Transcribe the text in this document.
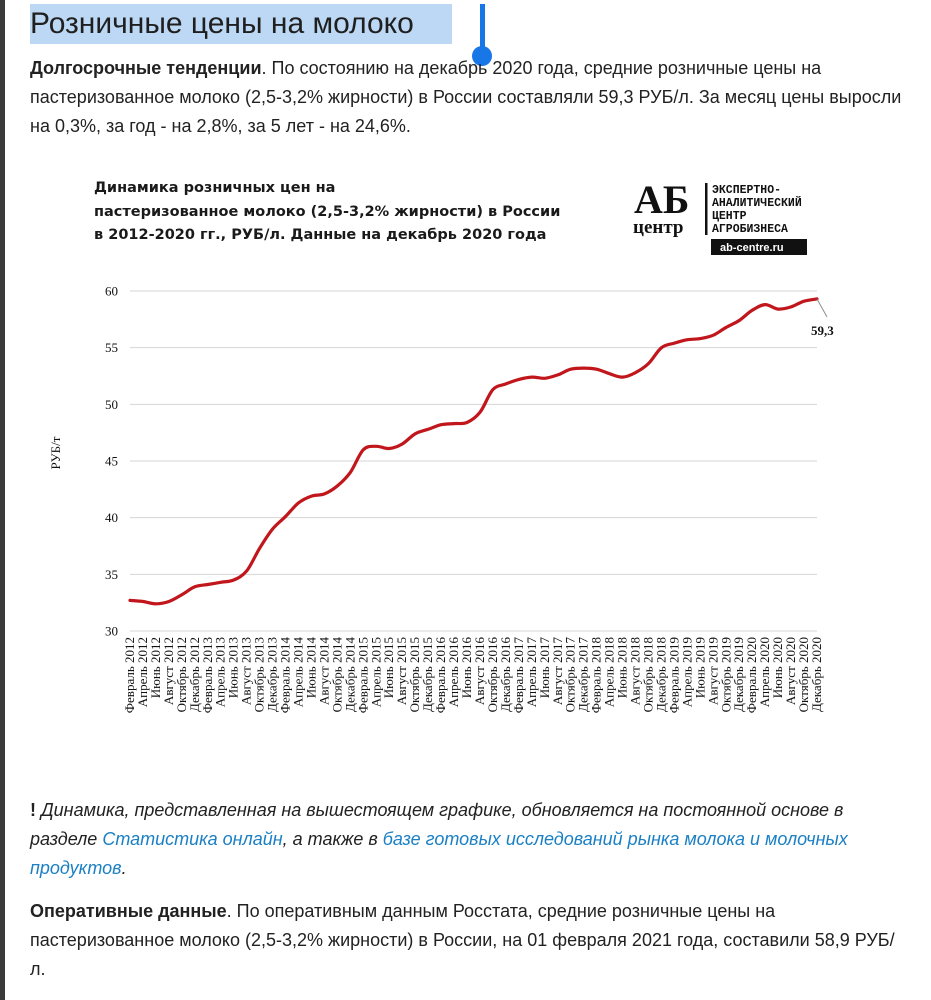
Розничные цены на молоко

Долгосрочные тенденции. По состоянию на декабрь 2020 года, средние розничные цены на пастеризованное молоко (2,5-3,2% жирности) в России составляли 59,3 РУБ/л. За месяц цены выросли на 0,3%, за год - на 2,8%, за 5 лет - на 24,6%.

Динамика розничных цен на
пастеризованное молоко (2,5-3,2% жирности) в России
в 2012-2020 гг., РУБ/л. Данные на декабрь 2020 года
АБ
центр
ЭКСПЕРТНО-
АНАЛИТИЧЕСКИЙ
ЦЕНТР
АГРОБИЗНЕСА
ab-centre.ru
РУБ/т
30
35
40
45
50
55
60
Февраль 2012
Апрель 2012
Июнь 2012
Август 2012
Октябрь 2012
Декабрь 2012
Февраль 2013
Апрель 2013
Июнь 2013
Август 2013
Октябрь 2013
Декабрь 2013
Февраль 2014
Апрель 2014
Июнь 2014
Август 2014
Октябрь 2014
Декабрь 2014
Февраль 2015
Апрель 2015
Июнь 2015
Август 2015
Октябрь 2015
Декабрь 2015
Февраль 2016
Апрель 2016
Июнь 2016
Август 2016
Октябрь 2016
Декабрь 2016
Февраль 2017
Апрель 2017
Июнь 2017
Август 2017
Октябрь 2017
Декабрь 2017
Февраль 2018
Апрель 2018
Июнь 2018
Август 2018
Октябрь 2018
Декабрь 2018
Февраль 2019
Апрель 2019
Июнь 2019
Август 2019
Октябрь 2019
Декабрь 2019
Февраль 2020
Апрель 2020
Июнь 2020
Август 2020
Октябрь 2020
Декабрь 2020
59,3

! Динамика, представленная на вышестоящем графике, обновляется на постоянной основе в разделе Статистика онлайн, а также в базе готовых исследований рынка молока и молочных продуктов.

Оперативные данные. По оперативным данным Росстата, средние розничные цены на пастеризованное молоко (2,5-3,2% жирности) в России, на 01 февраля 2021 года, составили 58,9 РУБ/л.
